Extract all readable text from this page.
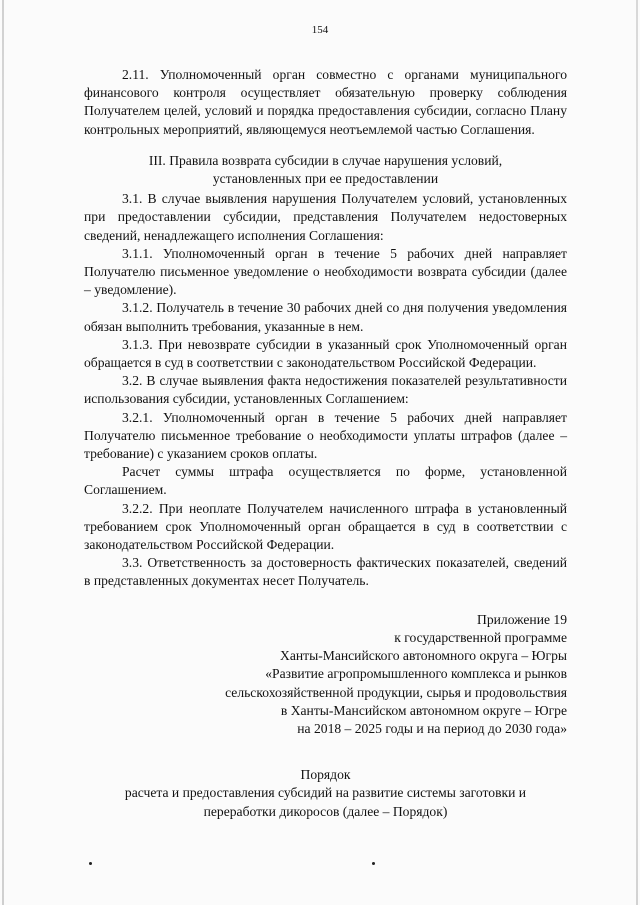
154

2.11. Уполномоченный орган совместно с органами муниципального финансового контроля осуществляет обязательную проверку соблюдения Получателем целей, условий и порядка предоставления субсидии, согласно Плану контрольных мероприятий, являющемуся неотъемлемой частью Соглашения.

III. Правила возврата субсидии в случае нарушения условий,

установленных при ее предоставлении

3.1. В случае выявления нарушения Получателем условий, установленных при предоставлении субсидии, представления Получателем недостоверных сведений, ненадлежащего исполнения Соглашения:

3.1.1. Уполномоченный орган в течение 5 рабочих дней направляет Получателю письменное уведомление о необходимости возврата субсидии (далее – уведомление).

3.1.2. Получатель в течение 30 рабочих дней со дня получения уведомления обязан выполнить требования, указанные в нем.

3.1.3. При невозврате субсидии в указанный срок Уполномоченный орган обращается в суд в соответствии с законодательством Российской Федерации.

3.2. В случае выявления факта недостижения показателей результативности использования субсидии, установленных Соглашением:

3.2.1. Уполномоченный орган в течение 5 рабочих дней направляет Получателю письменное требование о необходимости уплаты штрафов (далее – требование) с указанием сроков оплаты.

Расчет суммы штрафа осуществляется по форме, установленной Соглашением.

3.2.2. При неоплате Получателем начисленного штрафа в установленный требованием срок Уполномоченный орган обращается в суд в соответствии с законодательством Российской Федерации.

3.3. Ответственность за достоверность фактических показателей, сведений в представленных документах несет Получатель.

Приложение 19

к государственной программе

Ханты-Мансийского автономного округа – Югры

«Развитие агропромышленного комплекса и рынков

сельскохозяйственной продукции, сырья и продовольствия

в Ханты-Мансийском автономном округе – Югре

на 2018 – 2025 годы и на период до 2030 года»

Порядок

расчета и предоставления субсидий на развитие системы заготовки и

переработки дикоросов (далее – Порядок)
